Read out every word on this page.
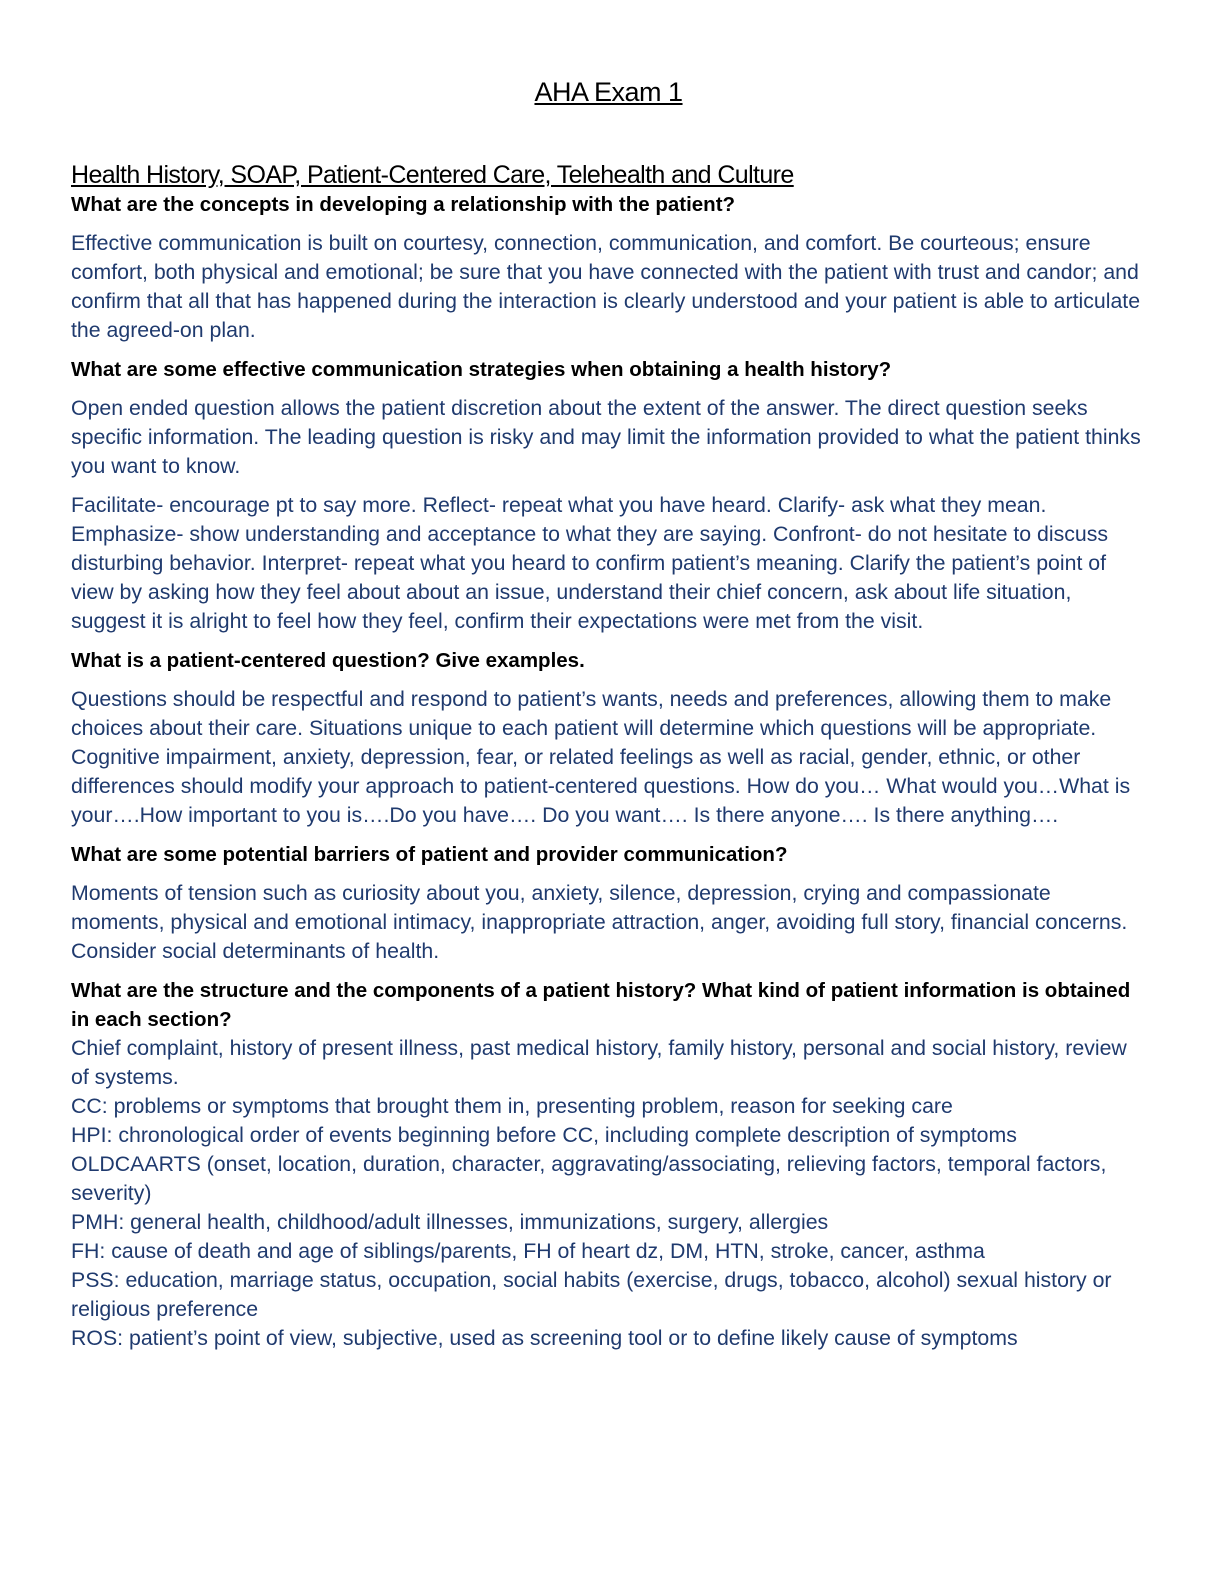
AHA Exam 1
Health History, SOAP, Patient-Centered Care, Telehealth and Culture
What are the concepts in developing a relationship with the patient?
Effective communication is built on courtesy, connection, communication, and comfort. Be courteous; ensure comfort, both physical and emotional; be sure that you have connected with the patient with trust and candor; and confirm that all that has happened during the interaction is clearly understood and your patient is able to articulate the agreed-on plan.
What are some effective communication strategies when obtaining a health history?
Open ended question allows the patient discretion about the extent of the answer. The direct question seeks specific information. The leading question is risky and may limit the information provided to what the patient thinks you want to know.
Facilitate- encourage pt to say more. Reflect- repeat what you have heard. Clarify- ask what they mean. Emphasize- show understanding and acceptance to what they are saying. Confront- do not hesitate to discuss disturbing behavior. Interpret- repeat what you heard to confirm patient’s meaning. Clarify the patient’s point of view by asking how they feel about about an issue, understand their chief concern, ask about life situation, suggest it is alright to feel how they feel, confirm their expectations were met from the visit.
What is a patient-centered question? Give examples.
Questions should be respectful and respond to patient’s wants, needs and preferences, allowing them to make choices about their care. Situations unique to each patient will determine which questions will be appropriate. Cognitive impairment, anxiety, depression, fear, or related feelings as well as racial, gender, ethnic, or other differences should modify your approach to patient-centered questions. How do you… What would you…What is your….How important to you is….Do you have…. Do you want…. Is there anyone…. Is there anything….
What are some potential barriers of patient and provider communication?
Moments of tension such as curiosity about you, anxiety, silence, depression, crying and compassionate moments, physical and emotional intimacy, inappropriate attraction, anger, avoiding full story, financial concerns. Consider social determinants of health.
What are the structure and the components of a patient history? What kind of patient information is obtained in each section?
Chief complaint, history of present illness, past medical history, family history, personal and social history, review of systems.
CC: problems or symptoms that brought them in, presenting problem, reason for seeking care
HPI: chronological order of events beginning before CC, including complete description of symptoms OLDCAARTS (onset, location, duration, character, aggravating/associating, relieving factors, temporal factors, severity)
PMH: general health, childhood/adult illnesses, immunizations, surgery, allergies
FH: cause of death and age of siblings/parents, FH of heart dz, DM, HTN, stroke, cancer, asthma
PSS: education, marriage status, occupation, social habits (exercise, drugs, tobacco, alcohol) sexual history or religious preference
ROS: patient’s point of view, subjective, used as screening tool or to define likely cause of symptoms
